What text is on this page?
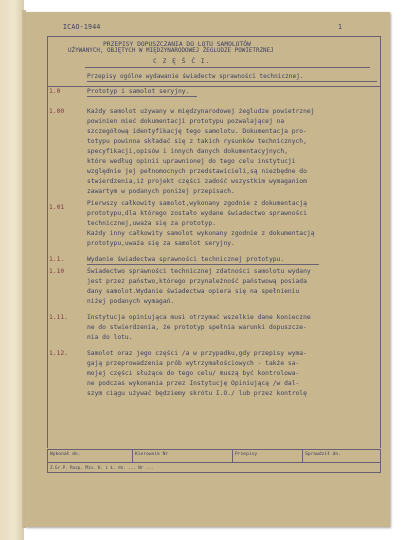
ICAO-1944	1
PRZEPISY DOPUSZCZANIA DO LOTU SAMOLOTÓW
UŻYWANYCH, OBJĘTYCH W MIĘDZYNARODOWEJ ŻEGLUDZE POWIETRZNEJ
C Z Ę Ś Ć I.
Przepisy ogólne wydawanie świadectw sprawności technicznej.
1.0	Prototyp i samolot seryjny.
1.00	Każdy samolot używany w międzynarodowej żegludze powietrznej
powinien mieć dokumentacji prototypu pozwalającej na
szczegółową identyfikację tego samolotu. Dokumentacja pro-
totypu powinna składać się z takich rysunków technicznych,
specyfikacji,opisów i innych danych dokumentacyjnych,
które według opinii uprawnionej do tego celu instytucji
względnie jej pełnomocnych przedstawicieli,są niezbędne do
stwierdzenia,iż projekt części zadość wszystkim wymaganiom
zawartym w podanych poniżej przepisach.
1.01
Pierwszy całkowity samolot,wykonany zgodnie z dokumentacją
prototypu,dla którego zostało wydane świadectwo sprawności
technicznej,uważa się za prototyp.
Każdy inny całkowity samolot wykonany zgodnie z dokumentacją
prototypu,uważa się za samolot seryjny.
1.1.	Wydanie świadectwa sprawności technicznej prototypu.
1.10	Świadectwo sprawności technicznej zdatności samolotu wydany
jest przez państwo,którego przynależność państwową posiada
dany samolot.Wydanie świadectwa opiera się na spełnieniu
niżej podanych wymagań.
1.11.	Instytucja opiniująca musi otrzymać wszelkie dane konieczne
ne do stwierdzenia, że prototyp spełnia warunki dopuszcze-
nia do lotu.
1.12.	Samolot oraz jego części /a w przypadku,gdy przepisy wyma-
gają przeprowadzenia prób wytrzymałościowych - także sa-
mojej części służące do tego celu/ muszą być kontrolowa-
ne podczas wykonania przez Instytucję Opiniującą /w dal-
szym ciągu używać będziemy skrótu I.O./ lub przez kontrolę
Wykonał dn.	Kierownik Nr	Przepisy	Sprawdził dn.
Z.Gr.P. Rozp. Min. K. i Ł. dn. ... Nr ...
